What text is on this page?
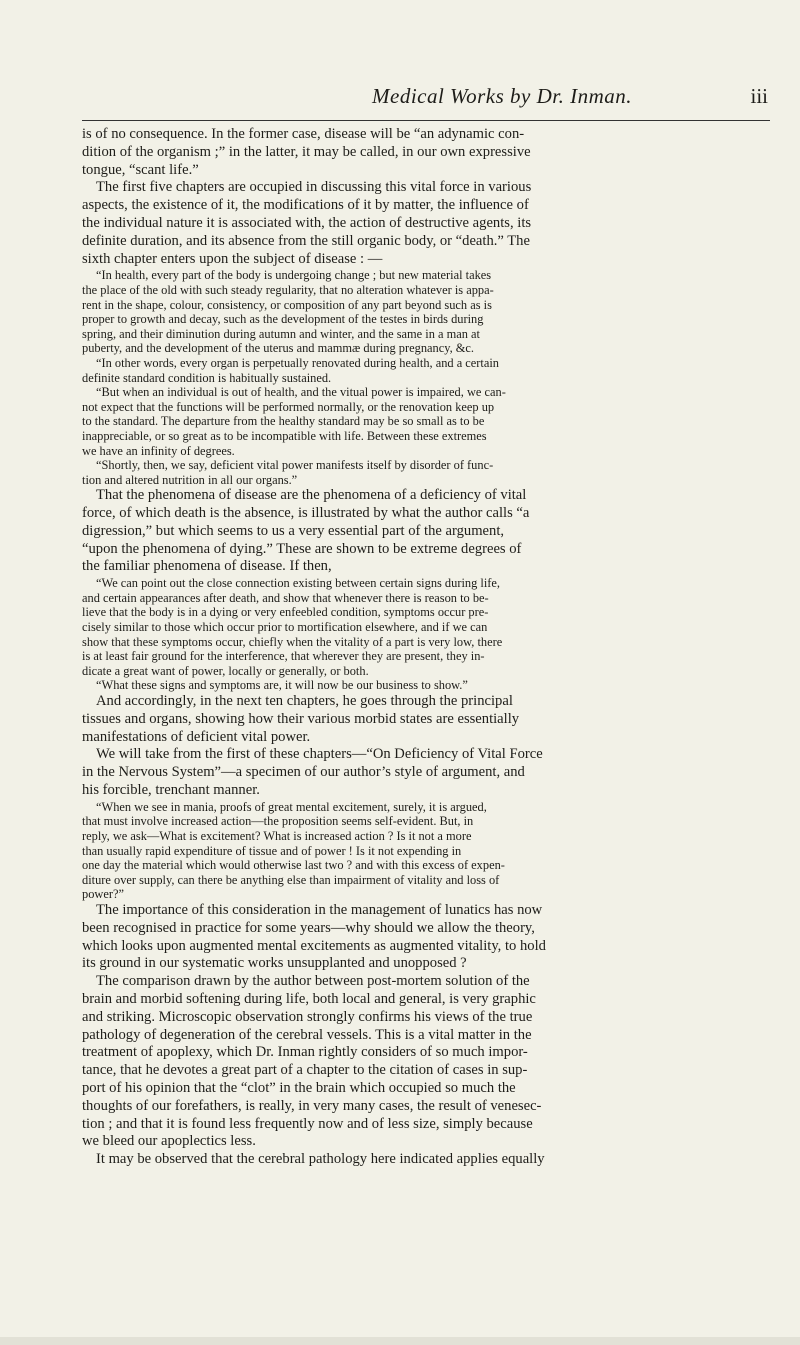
Medical Works by Dr. Inman.	iii
is of no consequence. In the former case, disease will be “an adynamic con-
dition of the organism ;” in the latter, it may be called, in our own expressive
tongue, “scant life.”
The first five chapters are occupied in discussing this vital force in various
aspects, the existence of it, the modifications of it by matter, the influence of
the individual nature it is associated with, the action of destructive agents, its
definite duration, and its absence from the still organic body, or “death.” The
sixth chapter enters upon the subject of disease : —
“In health, every part of the body is undergoing change ; but new material takes
the place of the old with such steady regularity, that no alteration whatever is appa-
rent in the shape, colour, consistency, or composition of any part beyond such as is
proper to growth and decay, such as the development of the testes in birds during
spring, and their diminution during autumn and winter, and the same in a man at
puberty, and the development of the uterus and mammæ during pregnancy, &c.
“In other words, every organ is perpetually renovated during health, and a certain
definite standard condition is habitually sustained.
“But when an individual is out of health, and the vitual power is impaired, we can-
not expect that the functions will be performed normally, or the renovation keep up
to the standard. The departure from the healthy standard may be so small as to be
inappreciable, or so great as to be incompatible with life. Between these extremes
we have an infinity of degrees.
“Shortly, then, we say, deficient vital power manifests itself by disorder of func-
tion and altered nutrition in all our organs.”
That the phenomena of disease are the phenomena of a deficiency of vital
force, of which death is the absence, is illustrated by what the author calls “a
digression,” but which seems to us a very essential part of the argument,
“upon the phenomena of dying.” These are shown to be extreme degrees of
the familiar phenomena of disease. If then,
“We can point out the close connection existing between certain signs during life,
and certain appearances after death, and show that whenever there is reason to be-
lieve that the body is in a dying or very enfeebled condition, symptoms occur pre-
cisely similar to those which occur prior to mortification elsewhere, and if we can
show that these symptoms occur, chiefly when the vitality of a part is very low, there
is at least fair ground for the interference, that wherever they are present, they in-
dicate a great want of power, locally or generally, or both.
“What these signs and symptoms are, it will now be our business to show.”
And accordingly, in the next ten chapters, he goes through the principal
tissues and organs, showing how their various morbid states are essentially
manifestations of deficient vital power.
We will take from the first of these chapters—“On Deficiency of Vital Force
in the Nervous System”—a specimen of our author’s style of argument, and
his forcible, trenchant manner.
“When we see in mania, proofs of great mental excitement, surely, it is argued,
that must involve increased action—the proposition seems self-evident. But, in
reply, we ask—What is excitement? What is increased action ? Is it not a more
than usually rapid expenditure of tissue and of power ! Is it not expending in
one day the material which would otherwise last two ? and with this excess of expen-
diture over supply, can there be anything else than impairment of vitality and loss of
power?”
The importance of this consideration in the management of lunatics has now
been recognised in practice for some years—why should we allow the theory,
which looks upon augmented mental excitements as augmented vitality, to hold
its ground in our systematic works unsupplanted and unopposed ?
The comparison drawn by the author between post-mortem solution of the
brain and morbid softening during life, both local and general, is very graphic
and striking. Microscopic observation strongly confirms his views of the true
pathology of degeneration of the cerebral vessels. This is a vital matter in the
treatment of apoplexy, which Dr. Inman rightly considers of so much impor-
tance, that he devotes a great part of a chapter to the citation of cases in sup-
port of his opinion that the “clot” in the brain which occupied so much the
thoughts of our forefathers, is really, in very many cases, the result of venesec-
tion ; and that it is found less frequently now and of less size, simply because
we bleed our apoplectics less.
It may be observed that the cerebral pathology here indicated applies equally
